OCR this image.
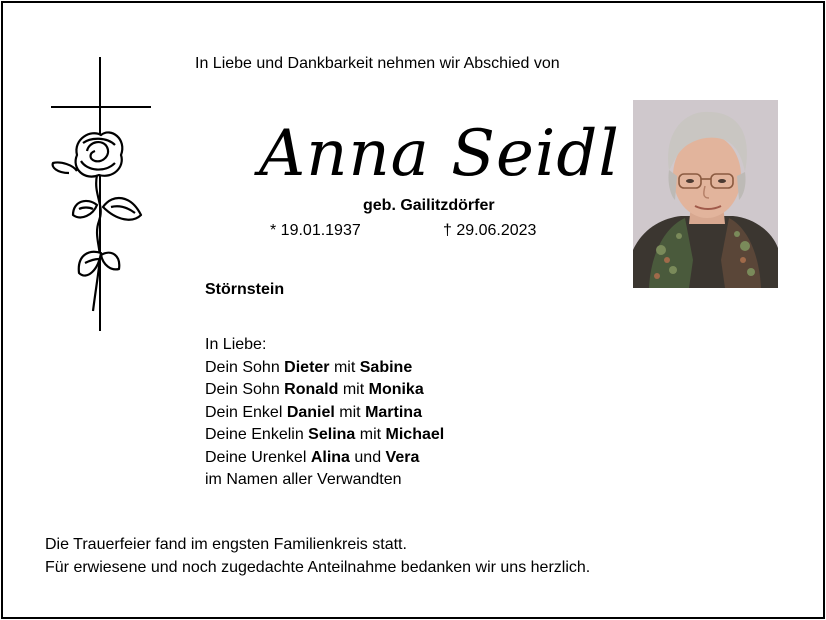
In Liebe und Dankbarkeit nehmen wir Abschied von
Anna Seidl
geb. Gailitzdörfer
* 19.01.1937	† 29.06.2023
Störnstein
In Liebe:
Dein Sohn Dieter mit Sabine
Dein Sohn Ronald mit Monika
Dein Enkel Daniel mit Martina
Deine Enkelin Selina mit Michael
Deine Urenkel Alina und Vera
im Namen aller Verwandten
Die Trauerfeier fand im engsten Familienkreis statt.
Für erwiesene und noch zugedachte Anteilnahme bedanken wir uns herzlich.
